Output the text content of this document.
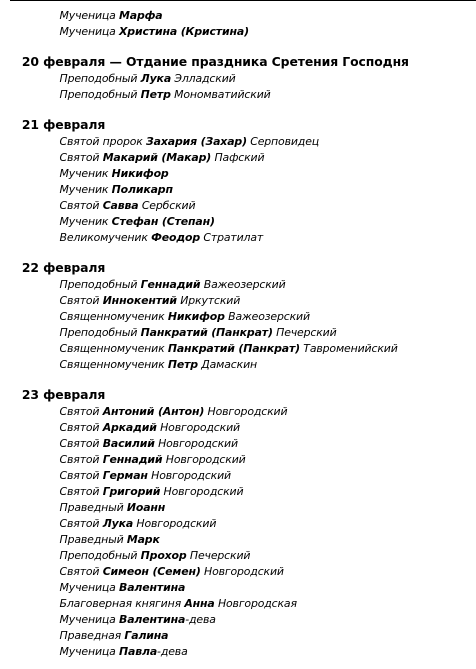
Мученица Марфа
Мученица Христина (Кристина)
20 февраля — Отдание праздника Сретения Господня
Преподобный Лука Элладский
Преподобный Петр Мономватийский
21 февраля
Святой пророк Захария (Захар) Серповидец
Святой Макарий (Макар) Пафский
Мученик Никифор
Мученик Поликарп
Святой Савва Сербский
Мученик Стефан (Степан)
Великомученик Феодор Стратилат
22 февраля
Преподобный Геннадий Важеозерский
Святой Иннокентий Иркутский
Священномученик Никифор Важеозерский
Преподобный Панкратий (Панкрат) Печерский
Священномученик Панкратий (Панкрат) Тавроменийский
Священномученик Петр Дамаскин
23 февраля
Святой Антоний (Антон) Новгородский
Святой Аркадий Новгородский
Святой Василий Новгородский
Святой Геннадий Новгородский
Святой Герман Новгородский
Святой Григорий Новгородский
Праведный Иоанн
Святой Лука Новгородский
Праведный Марк
Преподобный Прохор Печерский
Святой Симеон (Семен) Новгородский
Мученица Валентина
Благоверная княгиня Анна Новгородская
Мученица Валентина-дева
Праведная Галина
Мученица Павла-дева
